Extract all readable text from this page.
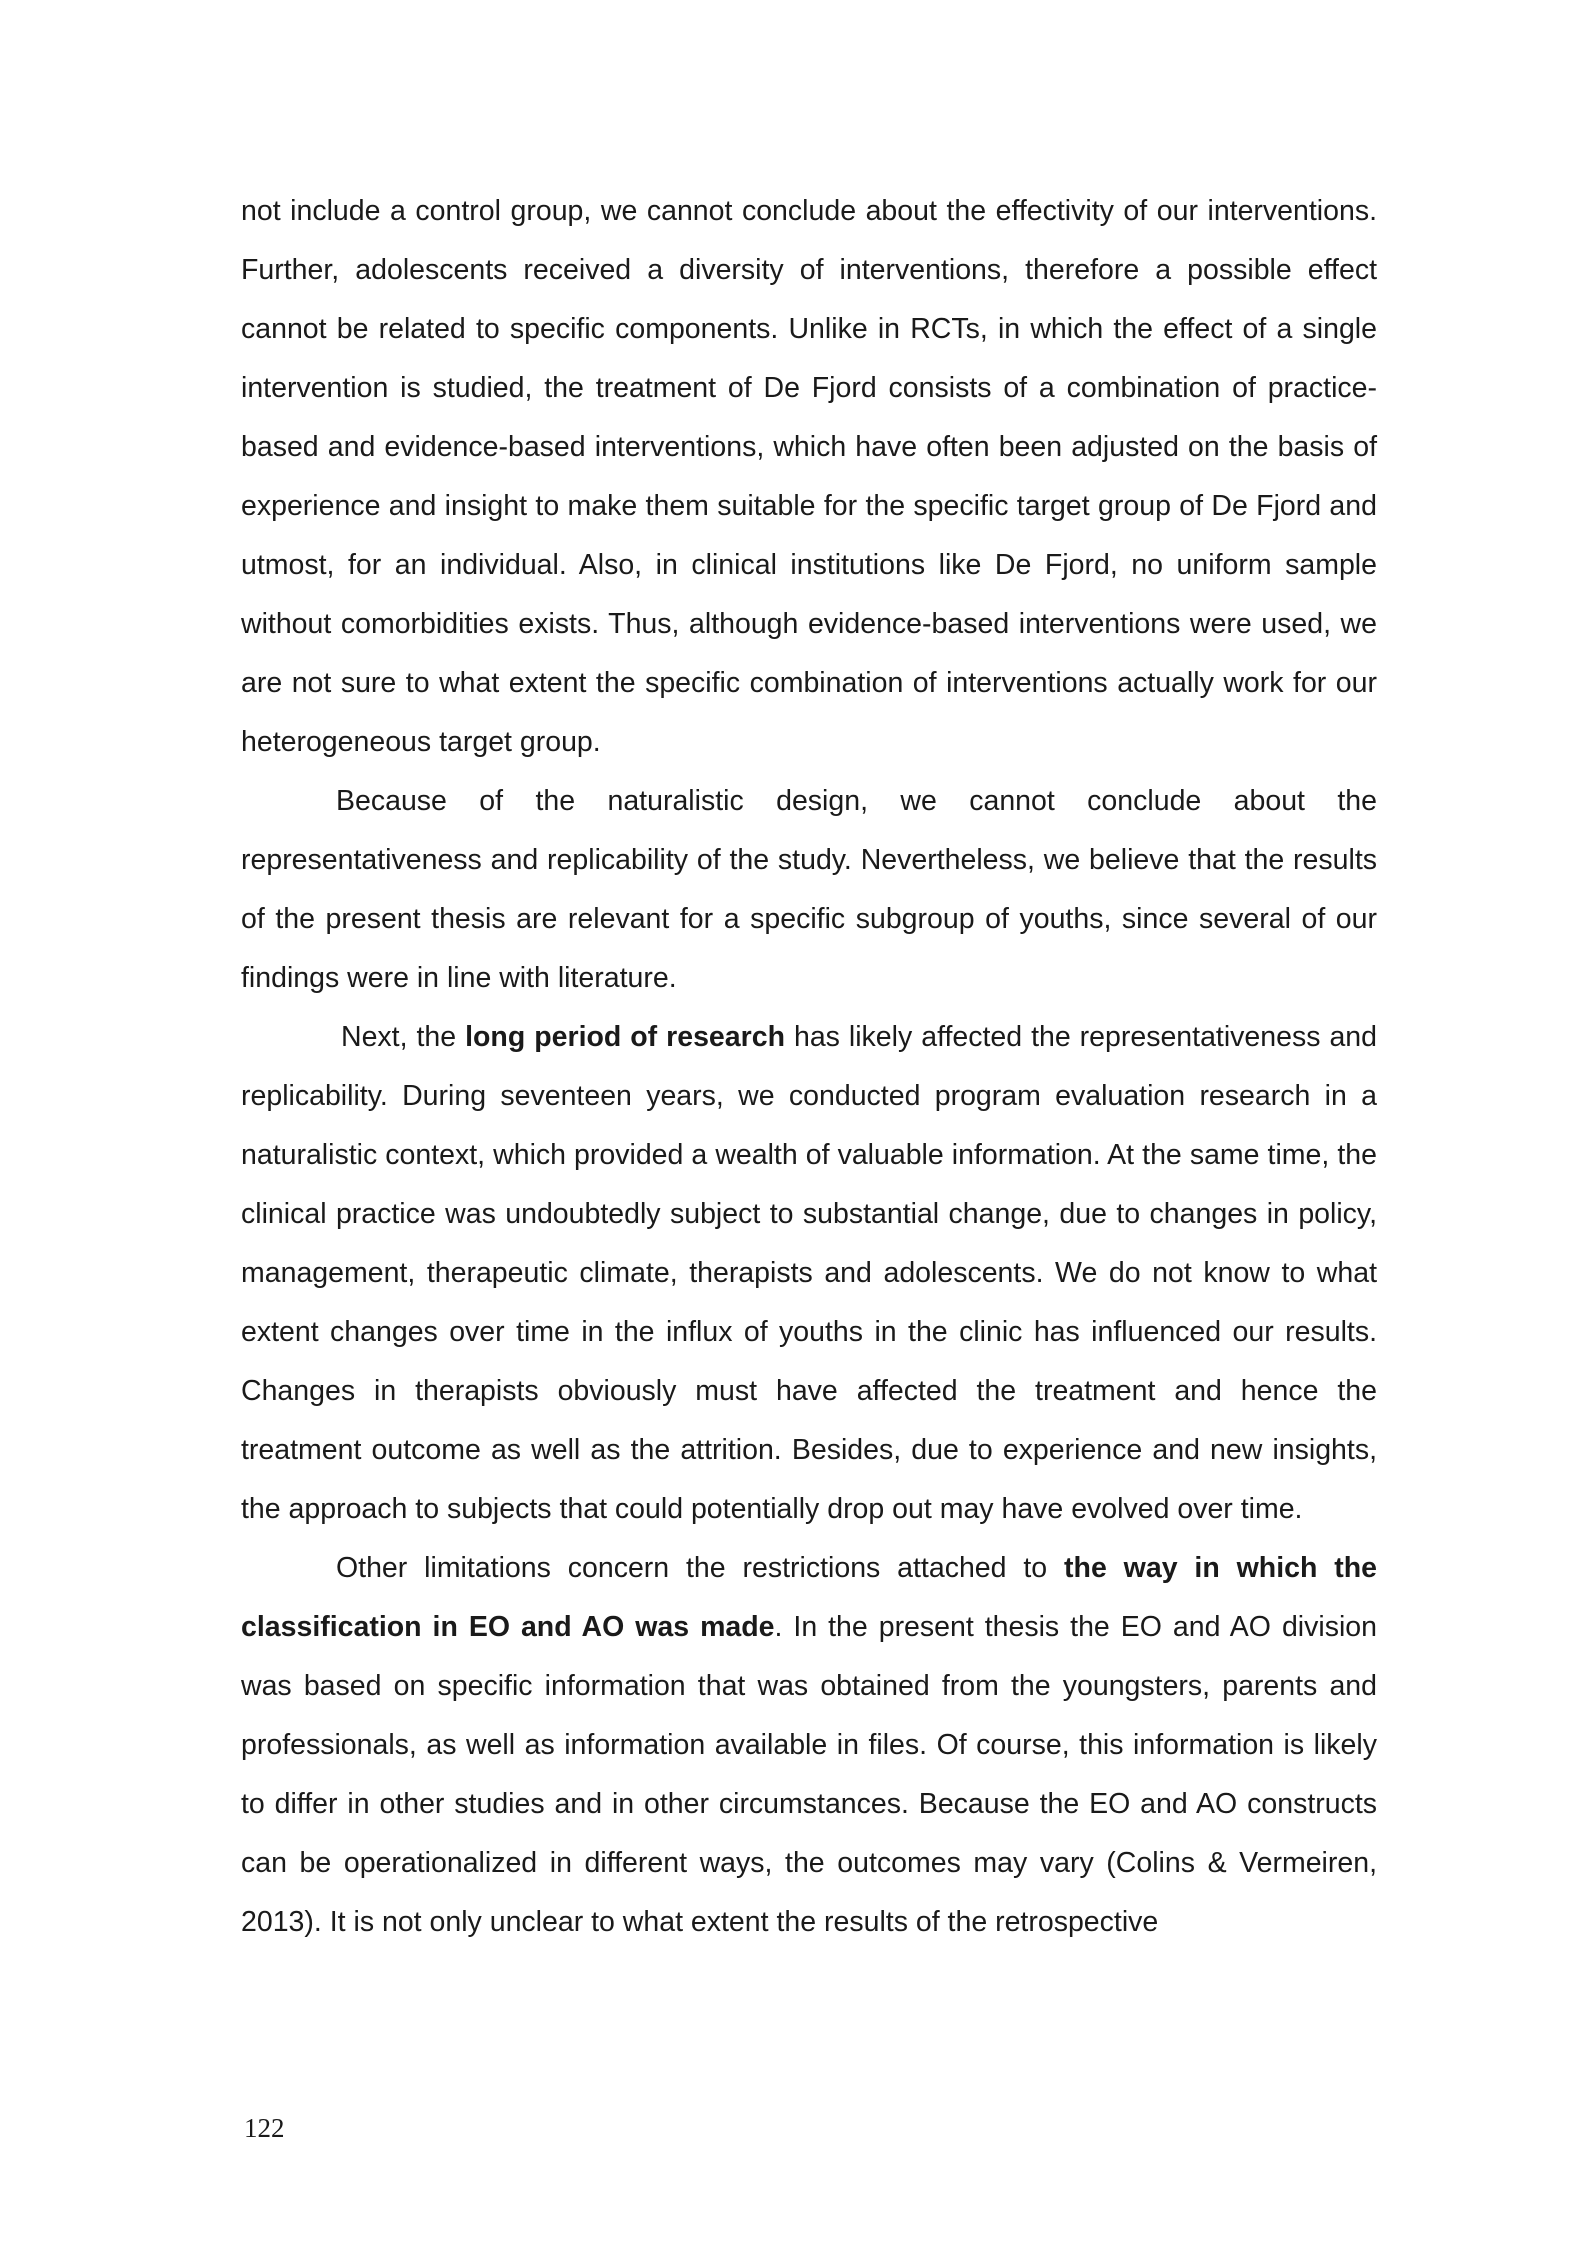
not include a control group, we cannot conclude about the effectivity of our interventions. Further, adolescents received a diversity of interventions, therefore a possible effect cannot be related to specific components. Unlike in RCTs, in which the effect of a single intervention is studied, the treatment of De Fjord consists of a combination of practice-based and evidence-based interventions, which have often been adjusted on the basis of experience and insight to make them suitable for the specific target group of De Fjord and utmost, for an individual. Also, in clinical institutions like De Fjord, no uniform sample without comorbidities exists. Thus, although evidence-based interventions were used, we are not sure to what extent the specific combination of interventions actually work for our heterogeneous target group.

Because of the naturalistic design, we cannot conclude about the representativeness and replicability of the study. Nevertheless, we believe that the results of the present thesis are relevant for a specific subgroup of youths, since several of our findings were in line with literature.

Next, the long period of research has likely affected the representativeness and replicability. During seventeen years, we conducted program evaluation research in a naturalistic context, which provided a wealth of valuable information. At the same time, the clinical practice was undoubtedly subject to substantial change, due to changes in policy, management, therapeutic climate, therapists and adolescents. We do not know to what extent changes over time in the influx of youths in the clinic has influenced our results. Changes in therapists obviously must have affected the treatment and hence the treatment outcome as well as the attrition. Besides, due to experience and new insights, the approach to subjects that could potentially drop out may have evolved over time.

Other limitations concern the restrictions attached to the way in which the classification in EO and AO was made. In the present thesis the EO and AO division was based on specific information that was obtained from the youngsters, parents and professionals, as well as information available in files. Of course, this information is likely to differ in other studies and in other circumstances. Because the EO and AO constructs can be operationalized in different ways, the outcomes may vary (Colins & Vermeiren, 2013). It is not only unclear to what extent the results of the retrospective

122
